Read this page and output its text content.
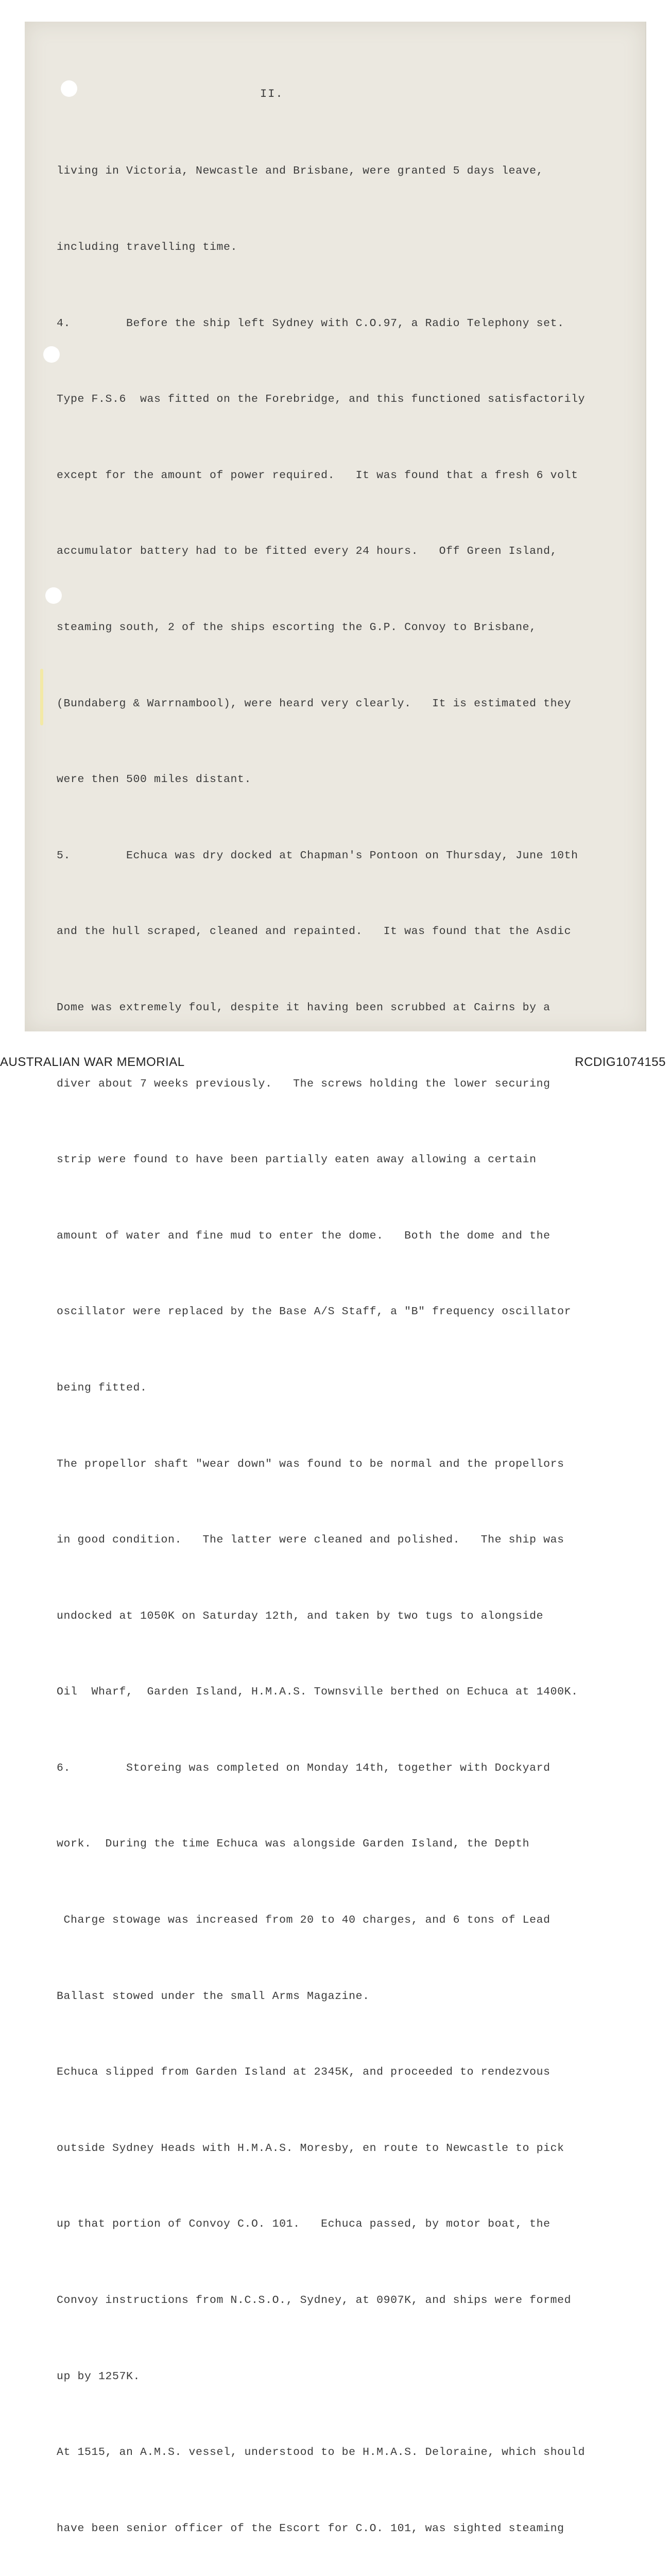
II.

living in Victoria, Newcastle and Brisbane, were granted 5 days leave,

including travelling time.

4.        Before the ship left Sydney with C.O.97, a Radio Telephony set.

Type F.S.6  was fitted on the Forebridge, and this functioned satisfactorily

except for the amount of power required.   It was found that a fresh 6 volt

accumulator battery had to be fitted every 24 hours.   Off Green Island,

steaming south, 2 of the ships escorting the G.P. Convoy to Brisbane,

(Bundaberg & Warrnambool), were heard very clearly.   It is estimated they

were then 500 miles distant.

5.        Echuca was dry docked at Chapman's Pontoon on Thursday, June 10th

and the hull scraped, cleaned and repainted.   It was found that the Asdic

Dome was extremely foul, despite it having been scrubbed at Cairns by a

diver about 7 weeks previously.   The screws holding the lower securing

strip were found to have been partially eaten away allowing a certain

amount of water and fine mud to enter the dome.   Both the dome and the

oscillator were replaced by the Base A/S Staff, a "B" frequency oscillator

being fitted.

The propellor shaft "wear down" was found to be normal and the propellors

in good condition.   The latter were cleaned and polished.   The ship was

undocked at 1050K on Saturday 12th, and taken by two tugs to alongside

Oil  Wharf,  Garden Island, H.M.A.S. Townsville berthed on Echuca at 1400K.

6.        Storeing was completed on Monday 14th, together with Dockyard

work.  During the time Echuca was alongside Garden Island, the Depth

Charge stowage was increased from 20 to 40 charges, and 6 tons of Lead

Ballast stowed under the small Arms Magazine.

Echuca slipped from Garden Island at 2345K, and proceeded to rendezvous

outside Sydney Heads with H.M.A.S. Moresby, en route to Newcastle to pick

up that portion of Convoy C.O. 101.   Echuca passed, by motor boat, the

Convoy instructions from N.C.S.O., Sydney, at 0907K, and ships were formed

up by 1257K.

At 1515, an A.M.S. vessel, understood to be H.M.A.S. Deloraine, which should

have been senior officer of the Escort for C.O. 101, was sighted steaming

AUSTRALIAN WAR MEMORIAL	RCDIG1074155
